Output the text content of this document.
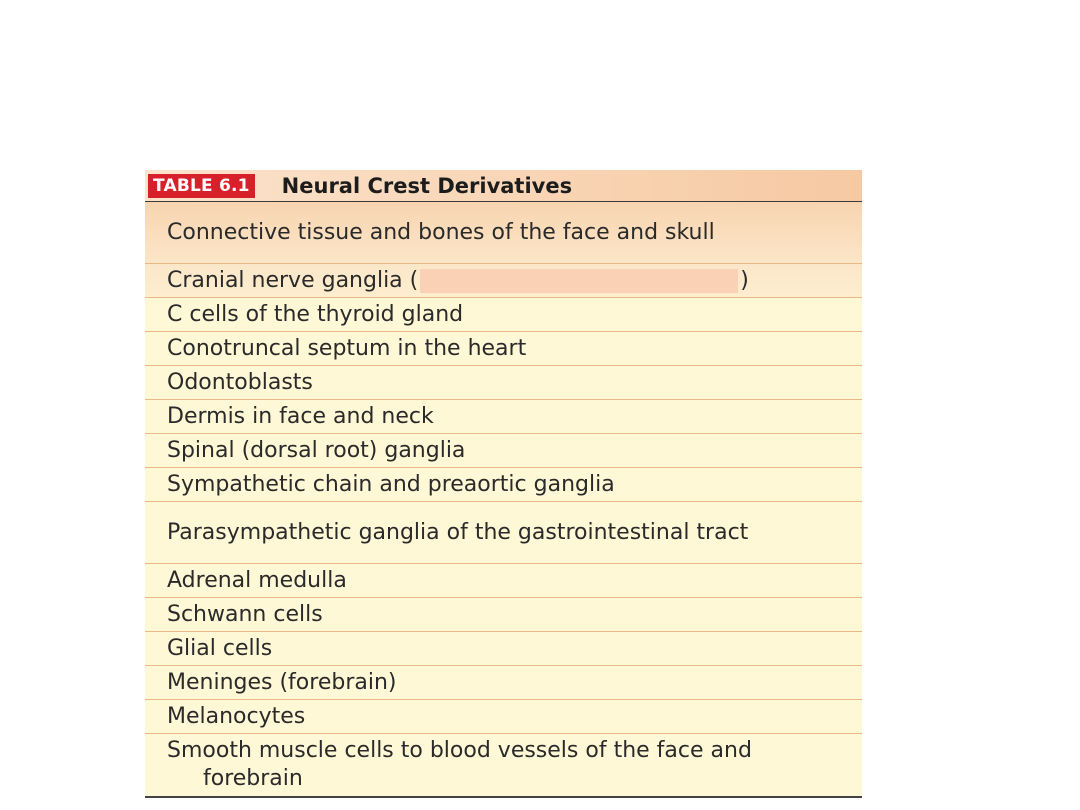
TABLE 6.1 Neural Crest Derivatives
Connective tissue and bones of the face and skull
Cranial nerve ganglia (	)
C cells of the thyroid gland
Conotruncal septum in the heart
Odontoblasts
Dermis in face and neck
Spinal (dorsal root) ganglia
Sympathetic chain and preaortic ganglia
Parasympathetic ganglia of the gastrointestinal tract
Adrenal medulla
Schwann cells
Glial cells
Meninges (forebrain)
Melanocytes
Smooth muscle cells to blood vessels of the face and forebrain
